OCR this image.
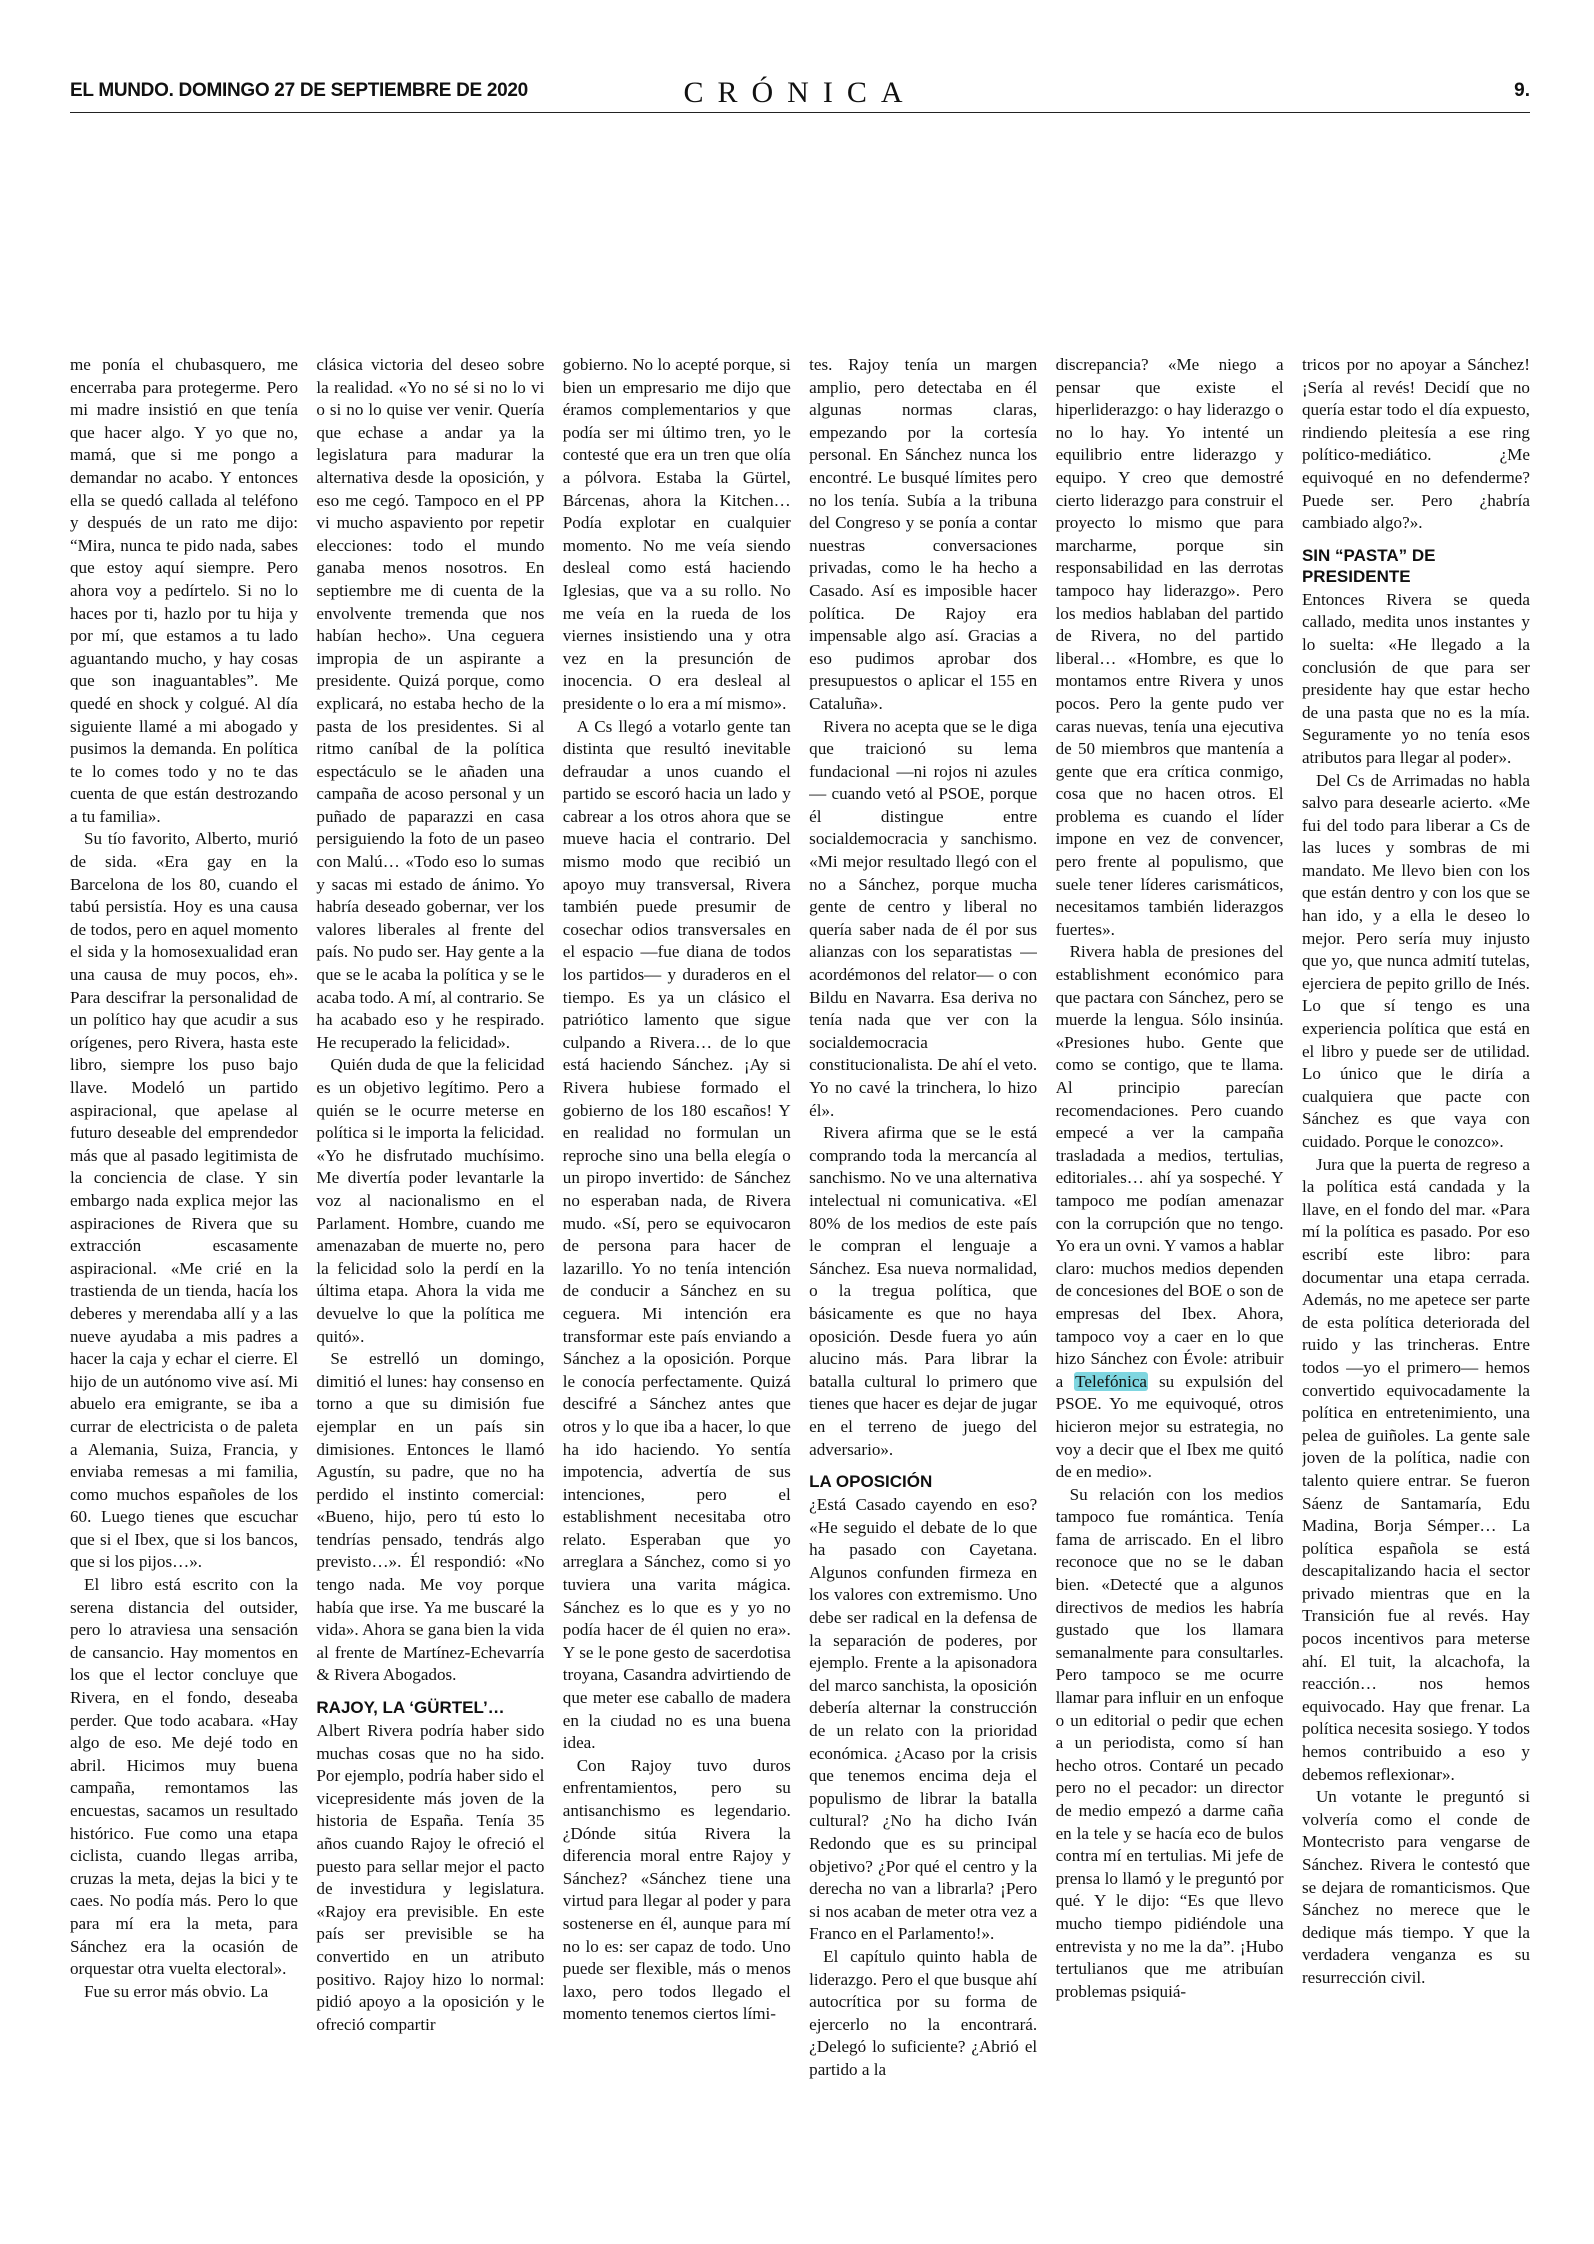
EL MUNDO. DOMINGO 27 DE SEPTIEMBRE DE 2020	CRÓNICA	9.

me ponía el chubasquero, me encerraba para protegerme. Pero mi madre insistió en que tenía que hacer algo. Y yo que no, mamá, que si me pongo a demandar no acabo. Y entonces ella se quedó callada al teléfono y después de un rato me dijo: “Mira, nunca te pido nada, sabes que estoy aquí siempre. Pero ahora voy a pedírtelo. Si no lo haces por ti, hazlo por tu hija y por mí, que estamos a tu lado aguantando mucho, y hay cosas que son inaguantables”. Me quedé en shock y colgué. Al día siguiente llamé a mi abogado y pusimos la demanda. En política te lo comes todo y no te das cuenta de que están destrozando a tu familia».

Su tío favorito, Alberto, murió de sida. «Era gay en la Barcelona de los 80, cuando el tabú persistía. Hoy es una causa de todos, pero en aquel momento el sida y la homosexualidad eran una causa de muy pocos, eh». Para descifrar la personalidad de un político hay que acudir a sus orígenes, pero Rivera, hasta este libro, siempre los puso bajo llave. Modeló un partido aspiracional, que apelase al futuro deseable del emprendedor más que al pasado legitimista de la conciencia de clase. Y sin embargo nada explica mejor las aspiraciones de Rivera que su extracción escasamente aspiracional. «Me crié en la trastienda de un tienda, hacía los deberes y merendaba allí y a las nueve ayudaba a mis padres a hacer la caja y echar el cierre. El hijo de un autónomo vive así. Mi abuelo era emigrante, se iba a currar de electricista o de paleta a Alemania, Suiza, Francia, y enviaba remesas a mi familia, como muchos españoles de los 60. Luego tienes que escuchar que si el Ibex, que si los bancos, que si los pijos…».

El libro está escrito con la serena distancia del outsider, pero lo atraviesa una sensación de cansancio. Hay momentos en los que el lector concluye que Rivera, en el fondo, deseaba perder. Que todo acabara. «Hay algo de eso. Me dejé todo en abril. Hicimos muy buena campaña, remontamos las encuestas, sacamos un resultado histórico. Fue como una etapa ciclista, cuando llegas arriba, cruzas la meta, dejas la bici y te caes. No podía más. Pero lo que para mí era la meta, para Sánchez era la ocasión de orquestar otra vuelta electoral».

Fue su error más obvio. La

clásica victoria del deseo sobre la realidad. «Yo no sé si no lo vi o si no lo quise ver venir. Quería que echase a andar ya la legislatura para madurar la alternativa desde la oposición, y eso me cegó. Tampoco en el PP vi mucho aspaviento por repetir elecciones: todo el mundo ganaba menos nosotros. En septiembre me di cuenta de la envolvente tremenda que nos habían hecho». Una ceguera impropia de un aspirante a presidente. Quizá porque, como explicará, no estaba hecho de la pasta de los presidentes. Si al ritmo caníbal de la política espectáculo se le añaden una campaña de acoso personal y un puñado de paparazzi en casa persiguiendo la foto de un paseo con Malú… «Todo eso lo sumas y sacas mi estado de ánimo. Yo habría deseado gobernar, ver los valores liberales al frente del país. No pudo ser. Hay gente a la que se le acaba la política y se le acaba todo. A mí, al contrario. Se ha acabado eso y he respirado. He recuperado la felicidad».

Quién duda de que la felicidad es un objetivo legítimo. Pero a quién se le ocurre meterse en política si le importa la felicidad. «Yo he disfrutado muchísimo. Me divertía poder levantarle la voz al nacionalismo en el Parlament. Hombre, cuando me amenazaban de muerte no, pero la felicidad solo la perdí en la última etapa. Ahora la vida me devuelve lo que la política me quitó».

Se estrelló un domingo, dimitió el lunes: hay consenso en torno a que su dimisión fue ejemplar en un país sin dimisiones. Entonces le llamó Agustín, su padre, que no ha perdido el instinto comercial: «Bueno, hijo, pero tú esto lo tendrías pensado, tendrás algo previsto…». Él respondió: «No tengo nada. Me voy porque había que irse. Ya me buscaré la vida». Ahora se gana bien la vida al frente de Martínez-Echevarría & Rivera Abogados.

RAJOY, LA ‘GÜRTEL’…

Albert Rivera podría haber sido muchas cosas que no ha sido. Por ejemplo, podría haber sido el vicepresidente más joven de la historia de España. Tenía 35 años cuando Rajoy le ofreció el puesto para sellar mejor el pacto de investidura y legislatura. «Rajoy era previsible. En este país ser previsible se ha convertido en un atributo positivo. Rajoy hizo lo normal: pidió apoyo a la oposición y le ofreció compartir

gobierno. No lo acepté porque, si bien un empresario me dijo que éramos complementarios y que podía ser mi último tren, yo le contesté que era un tren que olía a pólvora. Estaba la Gürtel, Bárcenas, ahora la Kitchen… Podía explotar en cualquier momento. No me veía siendo desleal como está haciendo Iglesias, que va a su rollo. No me veía en la rueda de los viernes insistiendo una y otra vez en la presunción de inocencia. O era desleal al presidente o lo era a mí mismo».

A Cs llegó a votarlo gente tan distinta que resultó inevitable defraudar a unos cuando el partido se escoró hacia un lado y cabrear a los otros ahora que se mueve hacia el contrario. Del mismo modo que recibió un apoyo muy transversal, Rivera también puede presumir de cosechar odios transversales en el espacio —fue diana de todos los partidos— y duraderos en el tiempo. Es ya un clásico el patriótico lamento que sigue culpando a Rivera… de lo que está haciendo Sánchez. ¡Ay si Rivera hubiese formado el gobierno de los 180 escaños! Y en realidad no formulan un reproche sino una bella elegía o un piropo invertido: de Sánchez no esperaban nada, de Rivera mudo. «Sí, pero se equivocaron de persona para hacer de lazarillo. Yo no tenía intención de conducir a Sánchez en su ceguera. Mi intención era transformar este país enviando a Sánchez a la oposición. Porque le conocía perfectamente. Quizá descifré a Sánchez antes que otros y lo que iba a hacer, lo que ha ido haciendo. Yo sentía impotencia, advertía de sus intenciones, pero el establishment necesitaba otro relato. Esperaban que yo arreglara a Sánchez, como si yo tuviera una varita mágica. Sánchez es lo que es y yo no podía hacer de él quien no era». Y se le pone gesto de sacerdotisa troyana, Casandra advirtiendo de que meter ese caballo de madera en la ciudad no es una buena idea.

Con Rajoy tuvo duros enfrentamientos, pero su antisanchismo es legendario. ¿Dónde sitúa Rivera la diferencia moral entre Rajoy y Sánchez? «Sánchez tiene una virtud para llegar al poder y para sostenerse en él, aunque para mí no lo es: ser capaz de todo. Uno puede ser flexible, más o menos laxo, pero todos llegado el momento tenemos ciertos lími-

tes. Rajoy tenía un margen amplio, pero detectaba en él algunas normas claras, empezando por la cortesía personal. En Sánchez nunca los encontré. Le busqué límites pero no los tenía. Subía a la tribuna del Congreso y se ponía a contar nuestras conversaciones privadas, como le ha hecho a Casado. Así es imposible hacer política. De Rajoy era impensable algo así. Gracias a eso pudimos aprobar dos presupuestos o aplicar el 155 en Cataluña».

Rivera no acepta que se le diga que traicionó su lema fundacional —ni rojos ni azules— cuando vetó al PSOE, porque él distingue entre socialdemocracia y sanchismo. «Mi mejor resultado llegó con el no a Sánchez, porque mucha gente de centro y liberal no quería saber nada de él por sus alianzas con los separatistas —acordémonos del relator— o con Bildu en Navarra. Esa deriva no tenía nada que ver con la socialdemocracia constitucionalista. De ahí el veto. Yo no cavé la trinchera, lo hizo él».

Rivera afirma que se le está comprando toda la mercancía al sanchismo. No ve una alternativa intelectual ni comunicativa. «El 80% de los medios de este país le compran el lenguaje a Sánchez. Esa nueva normalidad, o la tregua política, que básicamente es que no haya oposición. Desde fuera yo aún alucino más. Para librar la batalla cultural lo primero que tienes que hacer es dejar de jugar en el terreno de juego del adversario».

LA OPOSICIÓN

¿Está Casado cayendo en eso? «He seguido el debate de lo que ha pasado con Cayetana. Algunos confunden firmeza en los valores con extremismo. Uno debe ser radical en la defensa de la separación de poderes, por ejemplo. Frente a la apisonadora del marco sanchista, la oposición debería alternar la construcción de un relato con la prioridad económica. ¿Acaso por la crisis que tenemos encima deja el populismo de librar la batalla cultural? ¿No ha dicho Iván Redondo que es su principal objetivo? ¿Por qué el centro y la derecha no van a librarla? ¡Pero si nos acaban de meter otra vez a Franco en el Parlamento!».

El capítulo quinto habla de liderazgo. Pero el que busque ahí autocrítica por su forma de ejercerlo no la encontrará. ¿Delegó lo suficiente? ¿Abrió el partido a la

discrepancia? «Me niego a pensar que existe el hiperliderazgo: o hay liderazgo o no lo hay. Yo intenté un equilibrio entre liderazgo y equipo. Y creo que demostré cierto liderazgo para construir el proyecto lo mismo que para marcharme, porque sin responsabilidad en las derrotas tampoco hay liderazgo». Pero los medios hablaban del partido de Rivera, no del partido liberal… «Hombre, es que lo montamos entre Rivera y unos pocos. Pero la gente pudo ver caras nuevas, tenía una ejecutiva de 50 miembros que mantenía a gente que era crítica conmigo, cosa que no hacen otros. El problema es cuando el líder impone en vez de convencer, pero frente al populismo, que suele tener líderes carismáticos, necesitamos también liderazgos fuertes».

Rivera habla de presiones del establishment económico para que pactara con Sánchez, pero se muerde la lengua. Sólo insinúa. «Presiones hubo. Gente que como se contigo, que te llama. Al principio parecían recomendaciones. Pero cuando empecé a ver la campaña trasladada a medios, tertulias, editoriales… ahí ya sospeché. Y tampoco me podían amenazar con la corrupción que no tengo. Yo era un ovni. Y vamos a hablar claro: muchos medios dependen de concesiones del BOE o son de empresas del Ibex. Ahora, tampoco voy a caer en lo que hizo Sánchez con Évole: atribuir a Telefónica su expulsión del PSOE. Yo me equivoqué, otros hicieron mejor su estrategia, no voy a decir que el Ibex me quitó de en medio».

Su relación con los medios tampoco fue romántica. Tenía fama de arriscado. En el libro reconoce que no se le daban bien. «Detecté que a algunos directivos de medios les habría gustado que los llamara semanalmente para consultarles. Pero tampoco se me ocurre llamar para influir en un enfoque o un editorial o pedir que echen a un periodista, como sí han hecho otros. Contaré un pecado pero no el pecador: un director de medio empezó a darme caña en la tele y se hacía eco de bulos contra mí en tertulias. Mi jefe de prensa lo llamó y le preguntó por qué. Y le dijo: “Es que llevo mucho tiempo pidiéndole una entrevista y no me la da”. ¡Hubo tertulianos que me atribuían problemas psiquiá-

tricos por no apoyar a Sánchez! ¡Sería al revés! Decidí que no quería estar todo el día expuesto, rindiendo pleitesía a ese ring político-mediático. ¿Me equivoqué en no defenderme? Puede ser. Pero ¿habría cambiado algo?».

SIN “PASTA” DE PRESIDENTE

Entonces Rivera se queda callado, medita unos instantes y lo suelta: «He llegado a la conclusión de que para ser presidente hay que estar hecho de una pasta que no es la mía. Seguramente yo no tenía esos atributos para llegar al poder».

Del Cs de Arrimadas no habla salvo para desearle acierto. «Me fui del todo para liberar a Cs de las luces y sombras de mi mandato. Me llevo bien con los que están dentro y con los que se han ido, y a ella le deseo lo mejor. Pero sería muy injusto que yo, que nunca admití tutelas, ejerciera de pepito grillo de Inés. Lo que sí tengo es una experiencia política que está en el libro y puede ser de utilidad. Lo único que le diría a cualquiera que pacte con Sánchez es que vaya con cuidado. Porque le conozco».

Jura que la puerta de regreso a la política está candada y la llave, en el fondo del mar. «Para mí la política es pasado. Por eso escribí este libro: para documentar una etapa cerrada. Además, no me apetece ser parte de esta política deteriorada del ruido y las trincheras. Entre todos —yo el primero— hemos convertido equivocadamente la política en entretenimiento, una pelea de guiñoles. La gente sale joven de la política, nadie con talento quiere entrar. Se fueron Sáenz de Santamaría, Edu Madina, Borja Sémper… La política española se está descapitalizando hacia el sector privado mientras que en la Transición fue al revés. Hay pocos incentivos para meterse ahí. El tuit, la alcachofa, la reacción… nos hemos equivocado. Hay que frenar. La política necesita sosiego. Y todos hemos contribuido a eso y debemos reflexionar».

Un votante le preguntó si volvería como el conde de Montecristo para vengarse de Sánchez. Rivera le contestó que se dejara de romanticismos. Que Sánchez no merece que le dedique más tiempo. Y que la verdadera venganza es su resurrección civil.
